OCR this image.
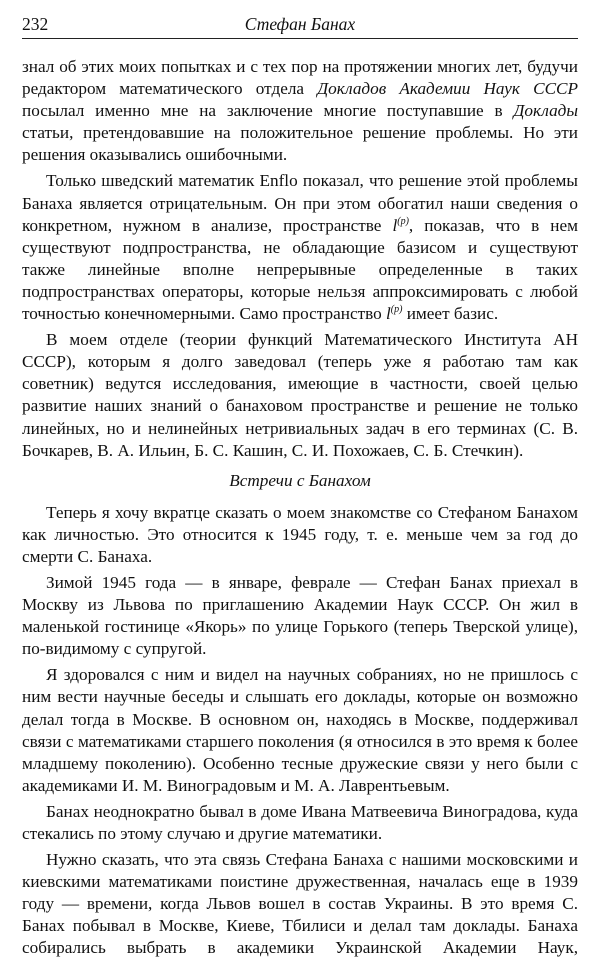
232	Стефан Банах

знал об этих моих попытках и с тех пор на протяжении многих лет, будучи редактором математического отдела Докладов Академии Наук СССР посылал именно мне на заключение многие поступавшие в Доклады статьи, претендовавшие на положительное решение проблемы. Но эти решения оказывались ошибочными.

Только шведский математик Enflo показал, что решение этой проблемы Банаха является отрицательным. Он при этом обогатил наши сведения о конкретном, нужном в анализе, пространстве $l^{(p)}$, показав, что в нем существуют подпространства, не обладающие базисом и существуют также линейные вполне непрерывные определенные в таких подпространствах операторы, которые нельзя аппроксимировать с любой точностью конечномерными. Само пространство $l^{(p)}$ имеет базис.

В моем отделе (теории функций Математического Института АН СССР), которым я долго заведовал (теперь уже я работаю там как советник) ведутся исследования, имеющие в частности, своей целью развитие наших знаний о банаховом пространстве и решение не только линейных, но и нелинейных нетривиальных задач в его терминах (С. В. Бочкарев, В. А. Ильин, Б. С. Кашин, С. И. Похожаев, С. Б. Стечкин).

Встречи с Банахом

Теперь я хочу вкратце сказать о моем знакомстве со Стефаном Банахом как личностью. Это относится к 1945 году, т. е. меньше чем за год до смерти С. Банаха.

Зимой 1945 года — в январе, феврале — Стефан Банах приехал в Москву из Львова по приглашению Академии Наук СССР. Он жил в маленькой гостинице «Якорь» по улице Горького (теперь Тверской улице), по-видимому с супругой.

Я здоровался с ним и видел на научных собраниях, но не пришлось с ним вести научные беседы и слышать его доклады, которые он возможно делал тогда в Москве. В основном он, находясь в Москве, поддерживал связи с математиками старшего поколения (я относился в это время к более младшему поколению). Особенно тесные дружеские связи у него были с академиками И. М. Виноградовым и М. А. Лаврентьевым.

Банах неоднократно бывал в доме Ивана Матвеевича Виноградова, куда стекались по этому случаю и другие математики.

Нужно сказать, что эта связь Стефана Банаха с нашими московскими и киевскими математиками поистине дружественная, началась еще в 1939 году — времени, когда Львов вошел в состав Украины. В это время С. Банах побывал в Москве, Киеве, Тбилиси и делал там доклады. Банаха собирались выбрать в академики Украинской Академии Наук,
